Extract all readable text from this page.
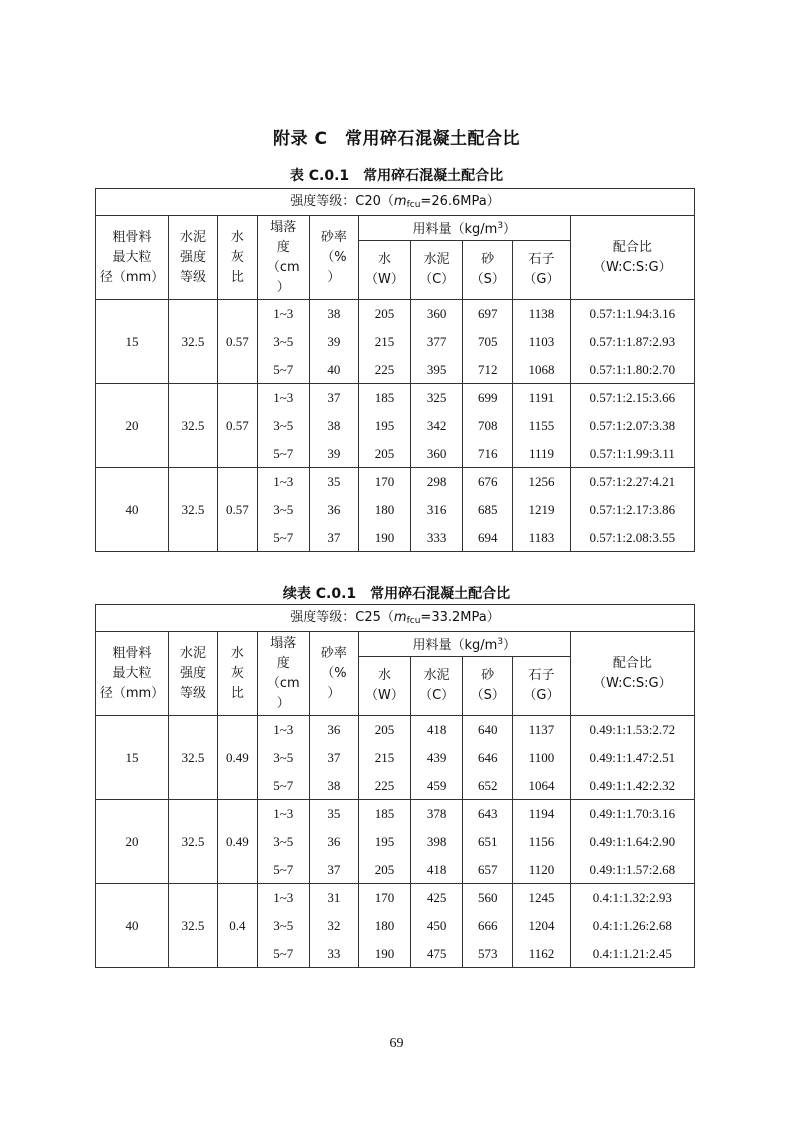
附录 C　常用碎石混凝土配合比
表 C.0.1　常用碎石混凝土配合比
强度等级：$C20(m_{fcu}=26.6MPa)$									
粗骨料
最大粒
径（mm）	水泥
强度
等级	水
灰
比	塌落
度
（cm
）	砂率
（%
）	用料量$(kg/m^3)$				配合比
（W:C:S:G）
					水
（W）	水泥
（C）	砂
（S）	石子
（G）	
15	32.5	0.57	1~3	38	205	360	697	1138	0.57:1:1.94:3.16
			3~5	39	215	377	705	1103	0.57:1:1.87:2.93
			5~7	40	225	395	712	1068	0.57:1:1.80:2.70
20	32.5	0.57	1~3	37	185	325	699	1191	0.57:1:2.15:3.66
			3~5	38	195	342	708	1155	0.57:1:2.07:3.38
			5~7	39	205	360	716	1119	0.57:1:1.99:3.11
40	32.5	0.57	1~3	35	170	298	676	1256	0.57:1:2.27:4.21
			3~5	36	180	316	685	1219	0.57:1:2.17:3.86
			5~7	37	190	333	694	1183	0.57:1:2.08:3.55
续表 C.0.1　常用碎石混凝土配合比
强度等级：$C25(m_{fcu}=33.2MPa)$									
粗骨料
最大粒
径（mm）	水泥
强度
等级	水
灰
比	塌落
度
（cm
）	砂率
（%
）	用料量$(kg/m^3)$				配合比
（W:C:S:G）
					水
（W）	水泥
（C）	砂
（S）	石子
（G）	
15	32.5	0.49	1~3	36	205	418	640	1137	0.49:1:1.53:2.72
			3~5	37	215	439	646	1100	0.49:1:1.47:2.51
			5~7	38	225	459	652	1064	0.49:1:1.42:2.32
20	32.5	0.49	1~3	35	185	378	643	1194	0.49:1:1.70:3.16
			3~5	36	195	398	651	1156	0.49:1:1.64:2.90
			5~7	37	205	418	657	1120	0.49:1:1.57:2.68
40	32.5	0.4	1~3	31	170	425	560	1245	0.4:1:1.32:2.93
			3~5	32	180	450	666	1204	0.4:1:1.26:2.68
			5~7	33	190	475	573	1162	0.4:1:1.21:2.45
69
